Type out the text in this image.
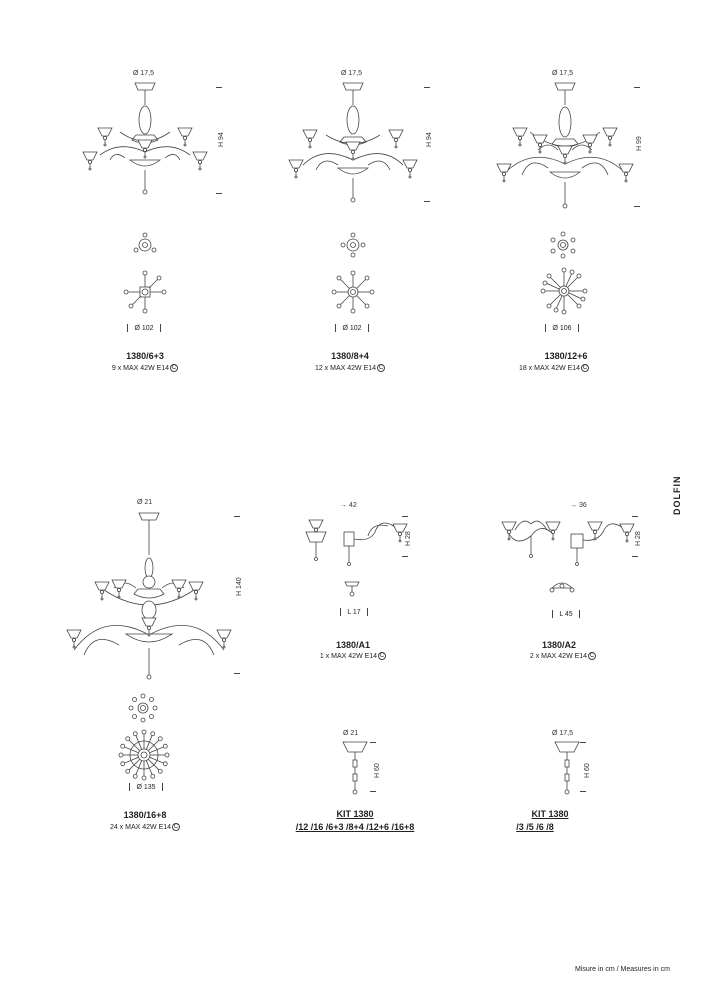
Ø 17,5
H 94
Ø 102
1380/6+3
9 x MAX 42W E14 C
Ø 17,5
H 94
Ø 102
1380/8+4
12 x MAX 42W E14 C
Ø 17,5
H 99
Ø 106
1380/12+6
18 x MAX 42W E14 C
Ø 21
H 140
Ø 135
1380/16+8
24 x MAX 42W E14 C
→ 42
H 28
L 17
1380/A1
1 x MAX 42W E14 C
→ 36
H 28
L 45
1380/A2
2 x MAX 42W E14 C
Ø 21
H 60
KIT 1380
/12 /16 /6+3 /8+4 /12+6 /16+8
Ø 17,5
H 60
KIT 1380
/3 /5 /6 /8
DOLFIN
Misure in cm / Measures in cm
